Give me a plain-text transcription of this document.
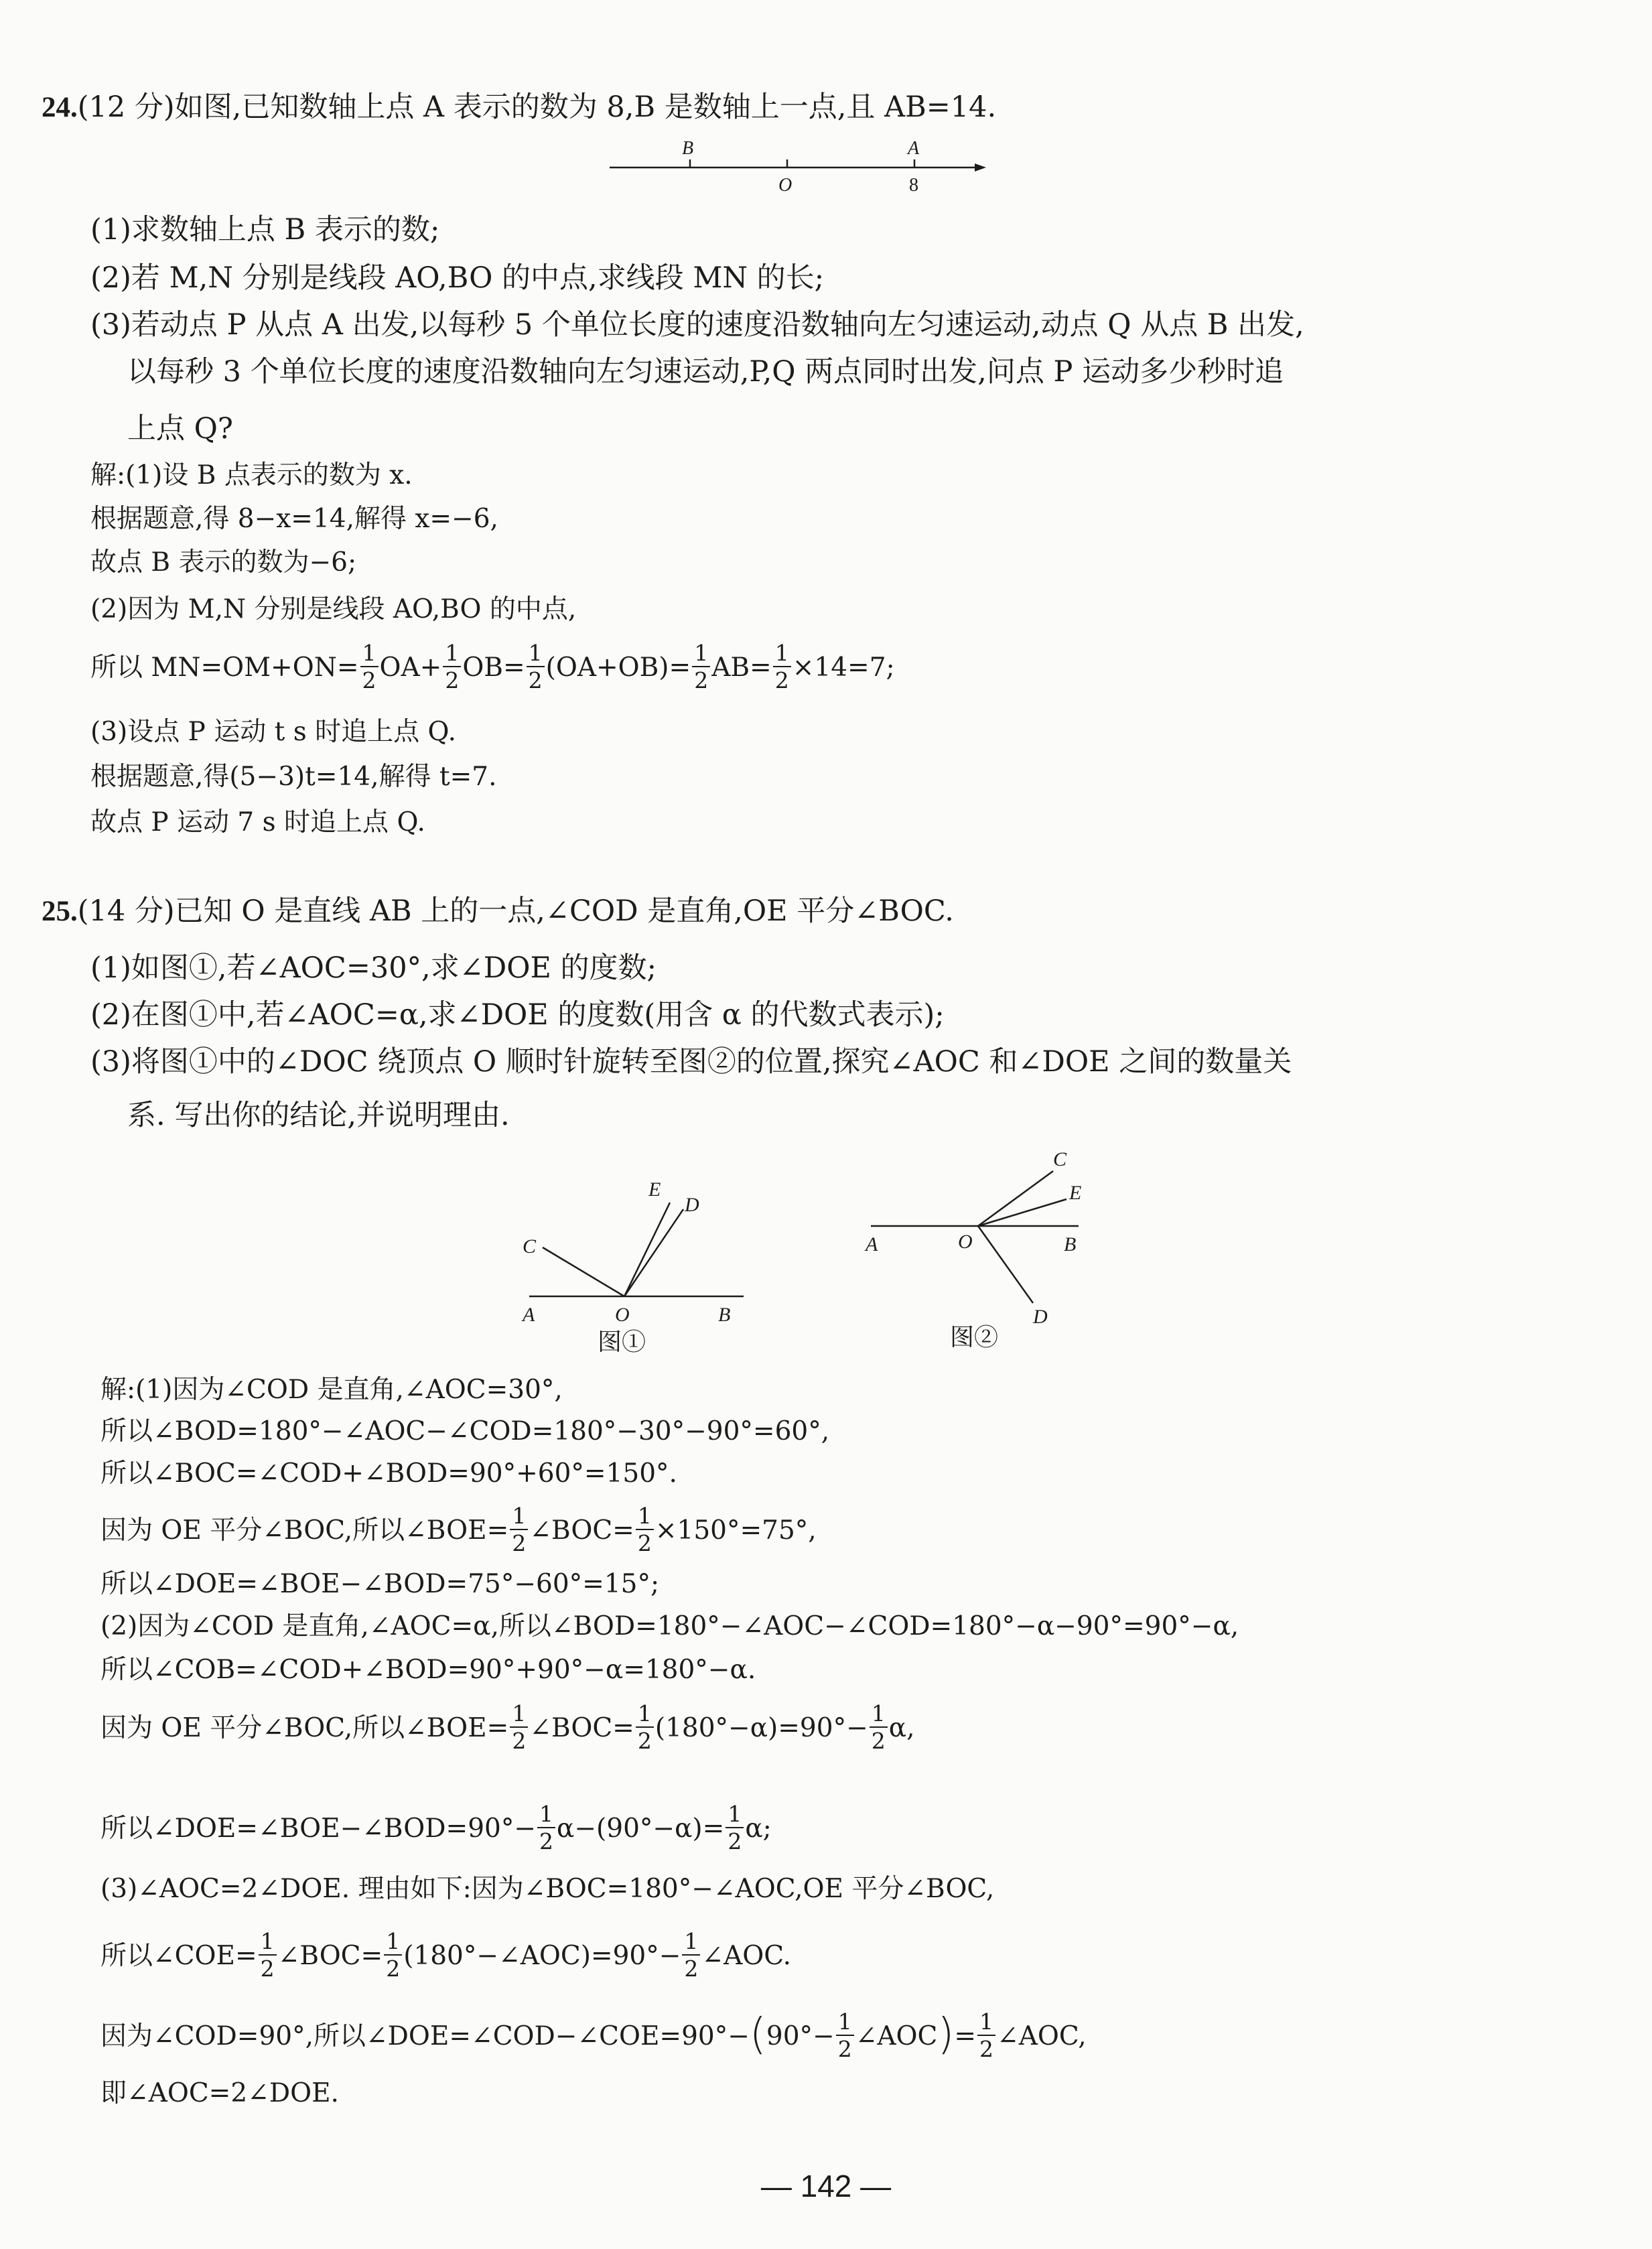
24.(12 分)如图,已知数轴上点 A 表示的数为 8,B 是数轴上一点,且 AB=14.
B	A
O	8
(1)求数轴上点 B 表示的数;
(2)若 M,N 分别是线段 AO,BO 的中点,求线段 MN 的长;
(3)若动点 P 从点 A 出发,以每秒 5 个单位长度的速度沿数轴向左匀速运动,动点 Q 从点 B 出发,
以每秒 3 个单位长度的速度沿数轴向左匀速运动,P,Q 两点同时出发,问点 P 运动多少秒时追
上点 Q?
解:(1)设 B 点表示的数为 x.
根据题意,得 8−x=14,解得 x=−6,
故点 B 表示的数为−6;
(2)因为 M,N 分别是线段 AO,BO 的中点,
所以 $MN=OM+ON= \frac{1}{2} OA+ \frac{1}{2} OB= \frac{1}{2} (OA+OB)= \frac{1}{2} AB= \frac{1}{2} \times 14=7$;
(3)设点 P 运动 t s 时追上点 Q.
根据题意,得(5−3)t=14,解得 t=7.
故点 P 运动 7 s 时追上点 Q.
25.(14 分)已知 O 是直线 AB 上的一点,∠COD 是直角,OE 平分∠BOC.
(1)如图①,若∠AOC=30°,求∠DOE 的度数;
(2)在图①中,若∠AOC=α,求∠DOE 的度数(用含 α 的代数式表示);
(3)将图①中的∠DOC 绕顶点 O 顺时针旋转至图②的位置,探究∠AOC 和∠DOE 之间的数量关
系. 写出你的结论,并说明理由.
A	O	B
C
E
D
图①
A	O	B
C
E
D
图②
解:(1)因为∠COD 是直角,∠AOC=30°,
所以∠BOD=180°−∠AOC−∠COD=180°−30°−90°=60°,
所以∠BOC=∠COD+∠BOD=90°+60°=150°.
因为 OE 平分∠BOC,所以∠BOE= $\frac{1}{2}$ ∠BOC= $\frac{1}{2} \times 150^\circ=75^\circ$,
所以∠DOE=∠BOE−∠BOD=75°−60°=15°;
(2)因为∠COD 是直角,∠AOC=α,所以∠BOD=180°−∠AOC−∠COD=180°−α−90°=90°−α,
所以∠COB=∠COD+∠BOD=90°+90°−α=180°−α.
因为 OE 平分∠BOC,所以∠BOE= $\frac{1}{2}$ ∠BOC= $\frac{1}{2} (180^\circ-\alpha)=90^\circ- \frac{1}{2} \alpha$,
所以∠DOE=∠BOE−∠BOD=90°− $\frac{1}{2} \alpha-(90^\circ-\alpha)= \frac{1}{2} \alpha$;
(3)∠AOC=2∠DOE. 理由如下:因为∠BOC=180°−∠AOC,OE 平分∠BOC,
所以∠COE= $\frac{1}{2}$ ∠BOC= $\frac{1}{2}$ (180°−∠AOC)=90°− $\frac{1}{2}$ ∠AOC.
因为∠COD=90°,所以∠DOE=∠COD−∠COE=90°−(90°− $\frac{1}{2}$ ∠AOC)= $\frac{1}{2}$ ∠AOC,
即∠AOC=2∠DOE.
— 142 —
